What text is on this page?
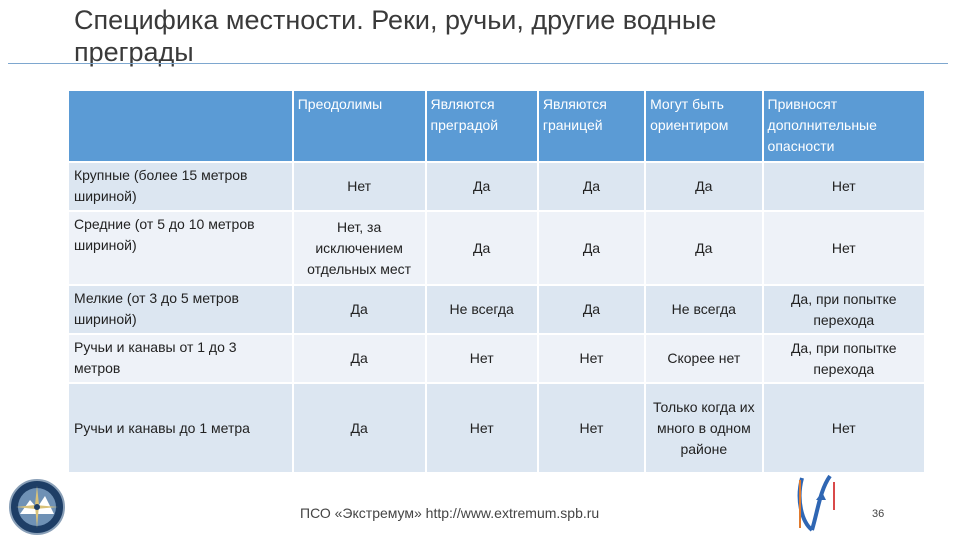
Специфика местности. Реки, ручьи, другие водные преграды
	Преодолимы	Являются преградой	Являются границей	Могут быть ориентиром	Привносят дополнительные опасности
Крупные (более 15 метров шириной)	Нет	Да	Да	Да	Нет
Средние (от 5 до 10 метров шириной)	Нет, за исключением отдельных мест	Да	Да	Да	Нет
Мелкие (от 3 до 5 метров шириной)	Да	Не всегда	Да	Не всегда	Да, при попытке перехода
Ручьи и канавы от 1 до 3 метров	Да	Нет	Нет	Скорее нет	Да, при попытке перехода
Ручьи и канавы до 1 метра	Да	Нет	Нет	Только когда их много в одном районе	Нет
ПСО «Экстремум» http://www.extremum.spb.ru	36
